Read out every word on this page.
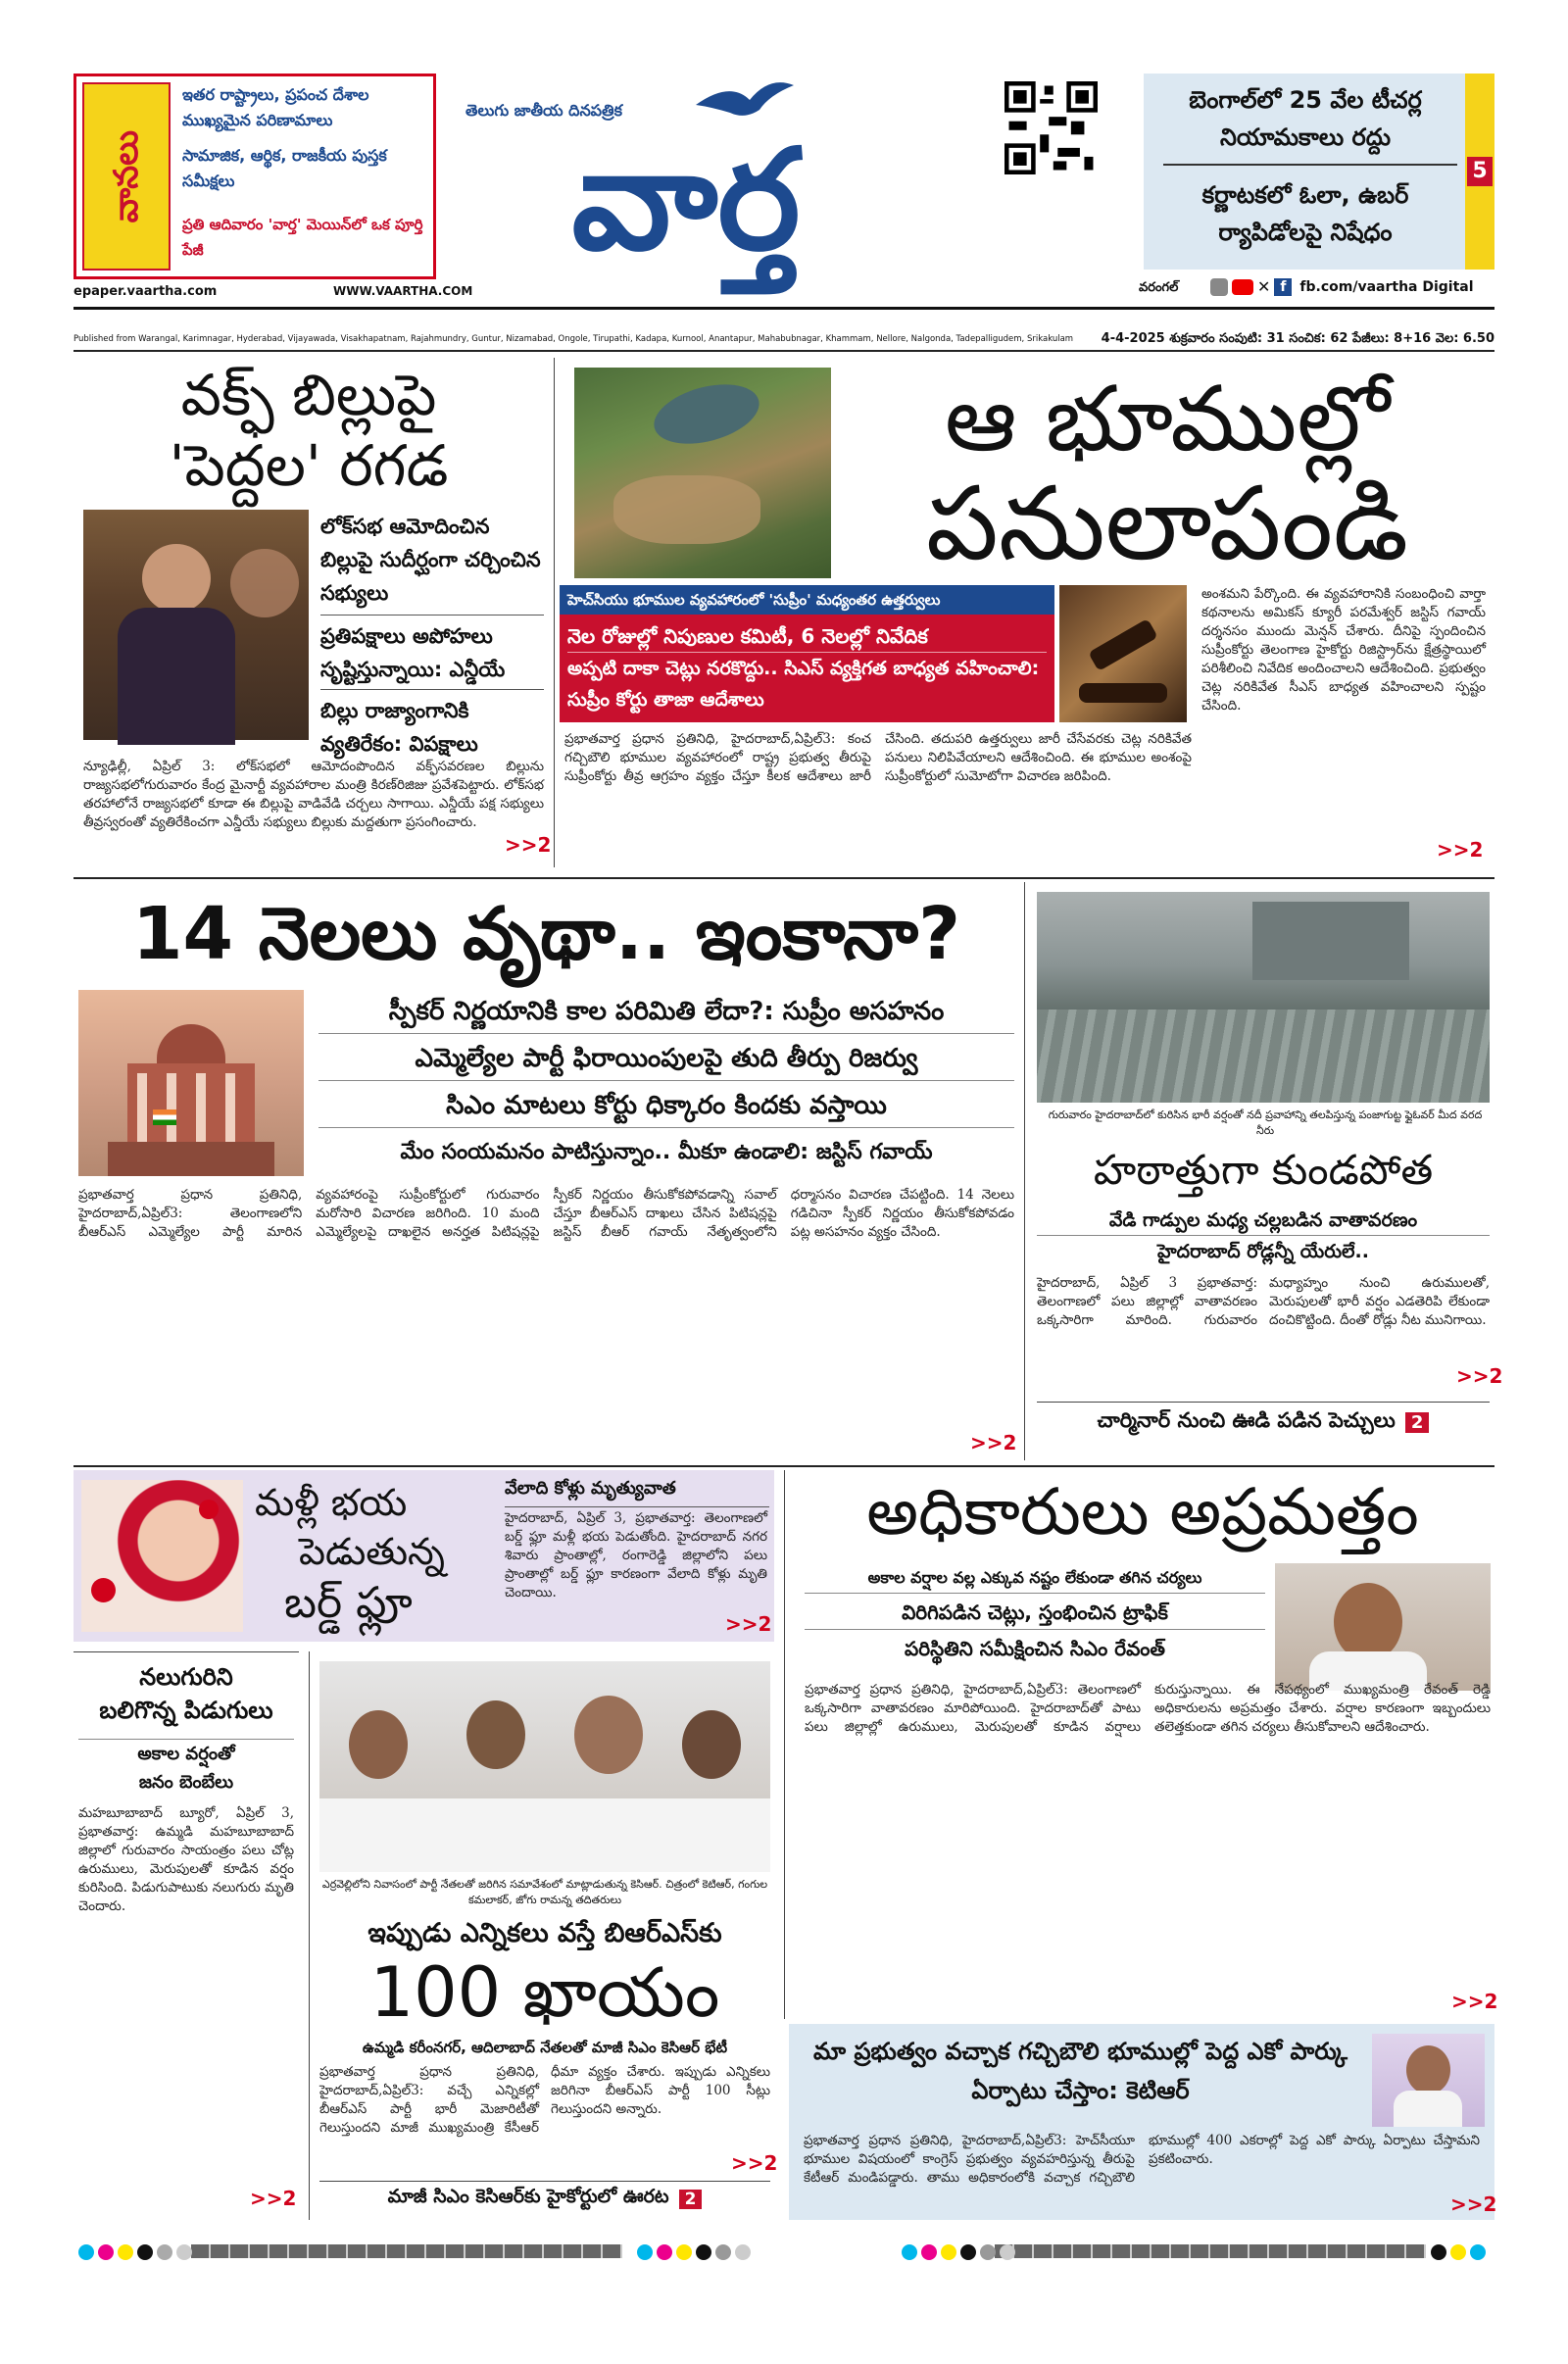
వానలు
ఇతర రాష్ట్రాలు, ప్రపంచ దేశాల ముఖ్యమైన పరిణామాలు
సామాజిక, ఆర్థిక, రాజకీయ పుస్తక సమీక్షలు
ప్రతి ఆదివారం 'వార్త' మెయిన్‌లో ఒక పూర్తి పేజీ
epaper.vaartha.com	WWW.VAARTHA.COM
తెలుగు జాతీయ దినపత్రిక
వార్త
బెంగాల్‌లో 25 వేల టీచర్ల నియామకాలు రద్దు
కర్ణాటకలో ఓలా, ఉబర్ ర్యాపిడోలపై నిషేధం
5
వరంగల్	✕ f fb.com/vaartha Digital
Published from Warangal, Karimnagar, Hyderabad, Vijayawada, Visakhapatnam, Rajahmundry, Guntur, Nizamabad, Ongole, Tirupathi, Kadapa, Kurnool, Anantapur, Mahabubnagar, Khammam, Nellore, Nalgonda, Tadepalligudem, Srikakulam	4-4-2025 శుక్రవారం సంపుటి: 31 సంచిక: 62 పేజీలు: 8+16 వెల: 6.50
వక్ఫ్ బిల్లుపై
'పెద్దల' రగడ
లోక్‌సభ ఆమోదించిన బిల్లుపై సుదీర్ఘంగా చర్చించిన సభ్యులు
ప్రతిపక్షాలు అపోహలు సృష్టిస్తున్నాయి: ఎన్డీయే
బిల్లు రాజ్యాంగానికి వ్యతిరేకం: విపక్షాలు
న్యూఢిల్లీ, ఏప్రిల్ 3: లోక్‌సభలో ఆమోదంపొందిన వక్ఫ్‌సవరణల బిల్లును రాజ్యసభలోగురువారం కేంద్ర మైనార్టీ వ్యవహారాల మంత్రి కిరణ్‌రిజిజు ప్రవేశపెట్టారు. లోక్‌సభ తరహాలోనే రాజ్యసభలో కూడా ఈ బిల్లుపై వాడివేడి చర్చలు సాగాయి. ఎన్డీయే పక్ష సభ్యులు తీవ్రస్వరంతో వ్యతిరేకించగా ఎన్డీయే సభ్యులు బిల్లుకు మద్దతుగా ప్రసంగించారు.
>>2
ఆ భూముల్లో
పనులాపండి
హెచ్‌సియు భూముల వ్యవహారంలో 'సుప్రీం' మధ్యంతర ఉత్తర్వులు
నెల రోజుల్లో నిపుణుల కమిటీ, 6 నెలల్లో నివేదిక
అప్పటి దాకా చెట్లు నరకొద్దు.. సిఎస్ వ్యక్తిగత బాధ్యత వహించాలి: సుప్రీం కోర్టు తాజా ఆదేశాలు
అంశమని పేర్కొంది. ఈ వ్యవహారానికి సంబంధించి వార్తా కథనాలను అమికస్ క్యూరీ పరమేశ్వర్ జస్టిస్ గవాయ్ దర్శనసం ముందు మెన్షన్ చేశారు. దీనిపై స్పందించిన సుప్రీంకోర్టు తెలంగాణ హైకోర్టు రిజిస్ట్రార్‌ను క్షేత్రస్థాయిలో పరిశీలించి నివేదిక అందించాలని ఆదేశించింది. ప్రభుత్వం చెట్ల నరికివేత సీఎస్ బాధ్యత వహించాలని స్పష్టం చేసింది.
ప్రభాతవార్త ప్రధాన ప్రతినిధి, హైదరాబాద్,ఏప్రిల్3: కంచ గచ్చిబౌలి భూముల వ్యవహారంలో రాష్ట్ర ప్రభుత్వ తీరుపై సుప్రీంకోర్టు తీవ్ర ఆగ్రహం వ్యక్తం చేస్తూ కీలక ఆదేశాలు జారీ చేసింది. తదుపరి ఉత్తర్వులు జారీ చేసేవరకు చెట్ల నరికివేత పనులు నిలిపివేయాలని ఆదేశించింది. ఈ భూముల అంశంపై సుప్రీంకోర్టులో సుమోటోగా విచారణ జరిపింది.
>>2
14 నెలలు వృథా.. ఇంకానా?
స్పీకర్ నిర్ణయానికి కాల పరిమితి లేదా?: సుప్రీం అసహనం
ఎమ్మెల్యేల పార్టీ ఫిరాయింపులపై తుది తీర్పు రిజర్వు
సిఎం మాటలు కోర్టు ధిక్కారం కిందకు వస్తాయి
మేం సంయమనం పాటిస్తున్నాం.. మీకూ ఉండాలి: జస్టిస్ గవాయ్
ప్రభాతవార్త ప్రధాన ప్రతినిధి, హైదరాబాద్,ఏప్రిల్3: తెలంగాణలోని బీఆర్ఎస్ ఎమ్మెల్యేల పార్టీ మారిన వ్యవహారంపై సుప్రీంకోర్టులో గురువారం మరోసారి విచారణ జరిగింది. 10 మంది ఎమ్మెల్యేలపై దాఖలైన అనర్హత పిటిషన్లపై స్పీకర్ నిర్ణయం తీసుకోకపోవడాన్ని సవాల్ చేస్తూ బీఆర్ఎస్ దాఖలు చేసిన పిటిషన్లపై జస్టిస్ బీఆర్ గవాయ్ నేతృత్వంలోని ధర్మాసనం విచారణ చేపట్టింది. 14 నెలలు గడిచినా స్పీకర్ నిర్ణయం తీసుకోకపోవడం పట్ల అసహనం వ్యక్తం చేసింది.
>>2
గురువారం హైదరాబాద్‌లో కురిసిన భారీ వర్షంతో నదీ ప్రవాహాన్ని తలపిస్తున్న పంజాగుట్ట ఫ్లైఓవర్ మీద వరద నీరు
హఠాత్తుగా కుండపోత
వేడి గాడ్పుల మధ్య చల్లబడిన వాతావరణం
హైదరాబాద్ రోడ్లన్నీ యేరులే..
హైదరాబాద్, ఏప్రిల్ 3 ప్రభాతవార్త: తెలంగాణలో పలు జిల్లాల్లో వాతావరణం ఒక్కసారిగా మారింది. గురువారం మధ్యాహ్నం నుంచి ఉరుములతో, మెరుపులతో భారీ వర్షం ఎడతెరిపి లేకుండా దంచికొట్టింది. దీంతో రోడ్లు నీట మునిగాయి.
>>2
చార్మినార్ నుంచి ఊడి పడిన పెచ్చులు 2
మళ్లీ భయ
పెడుతున్న
బర్డ్ ఫ్లూ
వేలాది కోళ్లు మృత్యువాత
హైదరాబాద్, ఏప్రిల్ 3, ప్రభాతవార్త: తెలంగాణలో బర్డ్ ఫ్లూ మళ్లీ భయ పెడుతోంది. హైదరాబాద్ నగర శివారు ప్రాంతాల్లో, రంగారెడ్డి జిల్లాలోని పలు ప్రాంతాల్లో బర్డ్ ఫ్లూ కారణంగా వేలాది కోళ్లు మృతి చెందాయి.
>>2
అధికారులు అప్రమత్తం
అకాల వర్షాల వల్ల ఎక్కువ నష్టం లేకుండా తగిన చర్యలు
విరిగిపడిన చెట్లు, స్తంభించిన ట్రాఫిక్
పరిస్థితిని సమీక్షించిన సిఎం రేవంత్
ప్రభాతవార్త ప్రధాన ప్రతినిధి, హైదరాబాద్,ఏప్రిల్3: తెలంగాణలో ఒక్కసారిగా వాతావరణం మారిపోయింది. హైదరాబాద్‌తో పాటు పలు జిల్లాల్లో ఉరుములు, మెరుపులతో కూడిన వర్షాలు కురుస్తున్నాయి. ఈ నేపథ్యంలో ముఖ్యమంత్రి రేవంత్ రెడ్డి అధికారులను అప్రమత్తం చేశారు. వర్షాల కారణంగా ఇబ్బందులు తలెత్తకుండా తగిన చర్యలు తీసుకోవాలని ఆదేశించారు.
>>2
నలుగురిని
బలిగొన్న పిడుగులు
అకాల వర్షంతో
జనం బెంబేలు
మహబూబాబాద్ బ్యూరో, ఏప్రిల్ 3, ప్రభాతవార్త: ఉమ్మడి మహబూబాబాద్ జిల్లాలో గురువారం సాయంత్రం పలు చోట్ల ఉరుములు, మెరుపులతో కూడిన వర్షం కురిసింది. పిడుగుపాటుకు నలుగురు మృతి చెందారు.
>>2
ఎర్రవెల్లిలోని నివాసంలో పార్టీ నేతలతో జరిగిన సమావేశంలో మాట్లాడుతున్న కెసిఆర్. చిత్రంలో కెటిఆర్, గంగుల కమలాకర్, జోగు రామన్న తదితరులు
ఇప్పుడు ఎన్నికలు వస్తే బిఆర్ఎస్‌కు
100 ఖాయం
ఉమ్మడి కరీంనగర్, ఆదిలాబాద్ నేతలతో మాజీ సిఎం కెసిఆర్ భేటీ
ప్రభాతవార్త ప్రధాన ప్రతినిధి, హైదరాబాద్,ఏప్రిల్3: వచ్చే ఎన్నికల్లో బీఆర్ఎస్ పార్టీ భారీ మెజారిటీతో గెలుస్తుందని మాజీ ముఖ్యమంత్రి కేసీఆర్ ధీమా వ్యక్తం చేశారు. ఇప్పుడు ఎన్నికలు జరిగినా బీఆర్ఎస్ పార్టీ 100 సీట్లు గెలుస్తుందని అన్నారు.
>>2
మాజీ సిఎం కెసిఆర్‌కు హైకోర్టులో ఊరట 2
మా ప్రభుత్వం వచ్చాక గచ్చిబౌలి భూముల్లో పెద్ద ఎకో పార్కు ఏర్పాటు చేస్తాం: కెటిఆర్
ప్రభాతవార్త ప్రధాన ప్రతినిధి, హైదరాబాద్,ఏప్రిల్3: హెచ్‌సీయూ భూముల విషయంలో కాంగ్రెస్ ప్రభుత్వం వ్యవహరిస్తున్న తీరుపై కేటీఆర్ మండిపడ్డారు. తాము అధికారంలోకి వచ్చాక గచ్చిబౌలి భూముల్లో 400 ఎకరాల్లో పెద్ద ఎకో పార్కు ఏర్పాటు చేస్తామని ప్రకటించారు.
>>2
